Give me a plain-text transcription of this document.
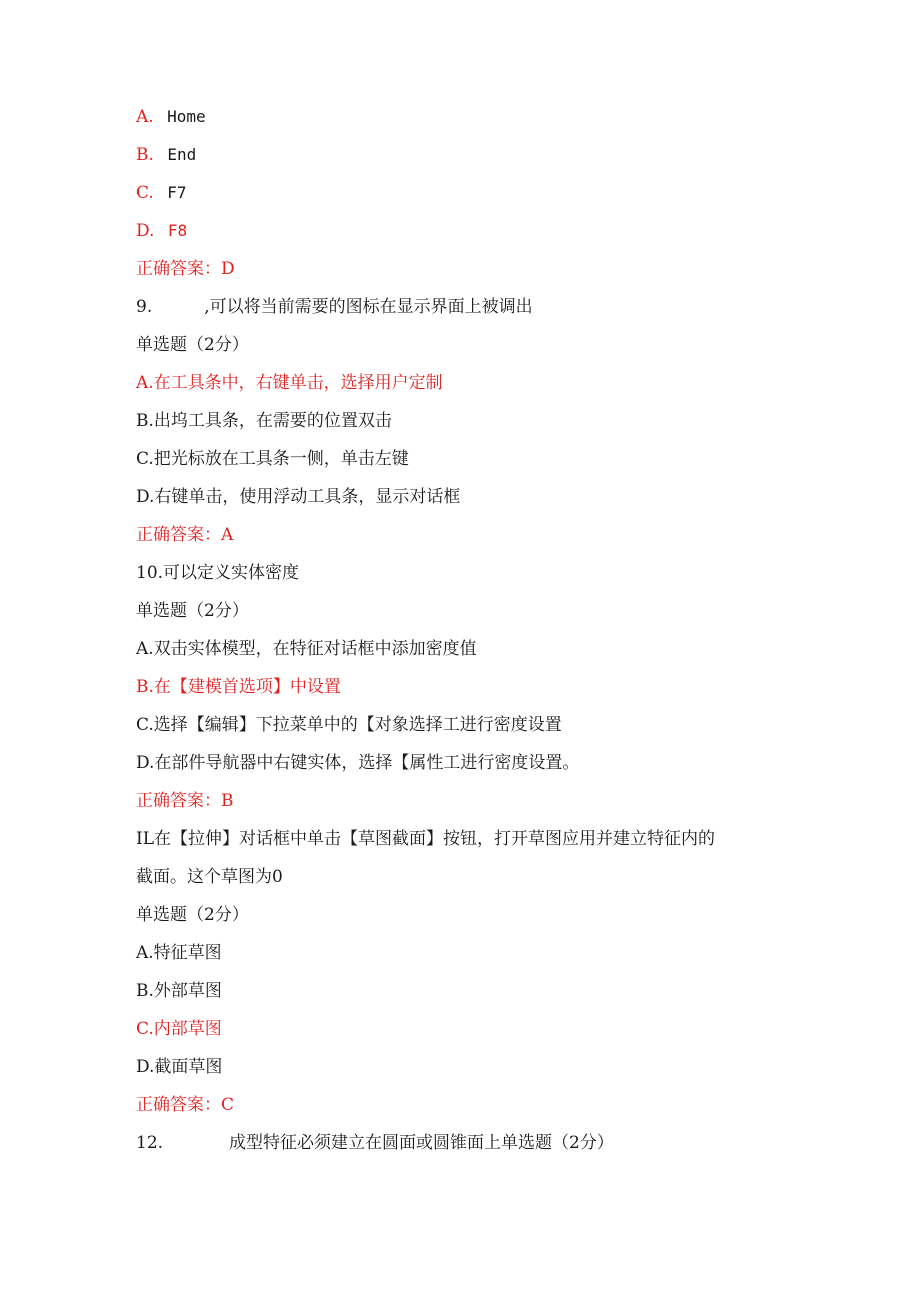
A. Home
B. End
C. F7
D. F8
正确答案：D
9.	,可以将当前需要的图标在显示界面上被调出
单选题（2分）
A.在工具条中，右键单击，选择用户定制
B.出坞工具条，在需要的位置双击
C.把光标放在工具条一侧，单击左键
D.右键单击，使用浮动工具条，显示对话框
正确答案：A
10.可以定义实体密度
单选题（2分）
A.双击实体模型，在特征对话框中添加密度值
B.在【建模首选项】中设置
C.选择【编辑】下拉菜单中的【对象选择工进行密度设置
D.在部件导航器中右键实体，选择【属性工进行密度设置。
正确答案：B
IL在【拉伸】对话框中单击【草图截面】按钮，打开草图应用并建立特征内的
截面。这个草图为0
单选题（2分）
A.特征草图
B.外部草图
C.内部草图
D.截面草图
正确答案：C
12.	成型特征必须建立在圆面或圆锥面上单选题（2分）
